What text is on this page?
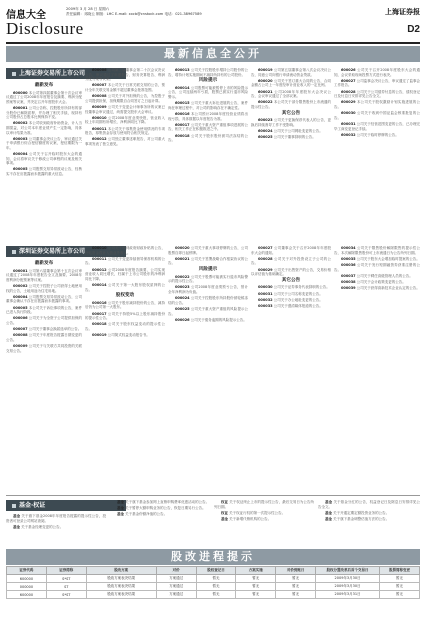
信息大全
Disclosure
2009年 3 月 28 日 星期六
责任编辑：邓晓云 制版：LHC E-mail: xxcb@cnstock.com 电话：021-38967589	上海证券报
D2
最新信息全公开
上海证券交易所上市公司
最新发布

600000 本公司第四届董事会第十次会议审议通过了公司2008年年度报告及摘要、利润分配预案等议案，并决定召开年度股东大会。

600001 公司公告称，控股股东所持有的部分股份已解除质押，并办理了相关手续，现持有公司股份占总股本比例保持不变。

600002 本公司收到政府补助资金，计入当期损益，对公司本年度业绩产生一定影响，具体以审计结果为准。

600003 公司董事会决议公告，审议通过关于申请银行综合授信额度的议案，授信期限为一年。

600004 公司关于召开临时股东大会的通知，会议将审议关于修改公司章程的议案及相关事项。

600005 公司股票交易异常波动公告，经核实不存在应披露而未披露的重大信息。

600006 公司第三届董事会第二十次会议决议公告，审议通过了年度报告、财务决算报告、利润分配方案等议案。

600007 本公司关于日常关联交易的公告，预计全年关联交易金额不超过董事会批准范围。

600008 公司关于对外担保的公告，为控股子公司提供担保，担保期限自合同签订之日起计算。

600009 公司关于变更会计师事务所的议案已经董事会审议通过，尚需提交股东大会审议。

600010 公司2008年度业绩快报，营业收入较上年同期有所增长，净利润同比下降。

600011 本公司关于募集资金使用情况的专项报告，募集资金存放与使用符合相关规定。

600012 公司独立董事述职报告，对公司重大事项发表了独立意见。

600013 公司关于控股股东增持公司股份的公告，增持计划实施期间不减持所持有的公司股份。

风险提示

600014 公司股票可能被暂停上市的风险提示公告，公司连续两年亏损，股票已被实行退市风险警示。

600015 公司关于重大诉讼进展的公告，案件尚在审理过程中，对公司的影响存在不确定性。

600016 本公司预计2008年度经营业绩将出现亏损，具体数据以年度报告为准。

600017 公司关于重大资产重组事项进展的公告，相关工作正在积极推进之中。

600018 公司关于股东股份被司法冻结的公告。

600019 公司第五届董事会第八次会议决议公告，同意公司向银行申请流动资金贷款。

600020 公司关于签订重大合同的公告，合同金额占公司上一年度经审计营业收入的一定比例。

600021 公司2008年年度股东大会决议公告，会议审议通过了全部议案。

600022 本公司关于部分限售股份上市流通的提示性公告。

其它公告

600023 公司关于更换保荐代表人的公告，更换后持续督导工作不受影响。

600024 公司关于公司网址变更的公告。

600025 公司关于董事辞职的公告。

600026 公司关于召开2008年度股东大会的通知，会议采取现场投票方式进行表决。

600027 公司监事会决议公告，审议通过了监事会工作报告。

600028 公司关于公司债券付息的公告，债权登记日及付息日安排详见公告全文。

600029 本公司关于股权激励计划实施进展的公告。

600030 公司关于收到中国证监会核准批复的公告。

600031 公司关于经营范围变更的公告，已办理完毕工商变更登记手续。

600032 公司关于临时停牌的公告。

深圳证券交易所上市公司
最新发布

000001 公司第六届董事会第十五次会议审议通过了2008年年度报告全文及摘要、2008年度利润分配预案等议案。

000002 公司关于控股子公司获得土地使用权的公告，土地用途为住宅用地。

000004 公司股票交易异常波动公告，公司董事会确认不存在应披露而未披露的事项。

000005 本公司关于诉讼事项的公告，案件已进入执行阶段。

000006 公司关于为全资子公司提供担保的公告。

000007 公司关于董事会换届选举的公告。

000008 公司关于年度报告披露日期变更的公告。

000009 公司关于与关联方共同投资的关联交易公告。

000010 公司关于收到政府财政补贴的公告，补贴资金将计入营业外收入。

000011 公司关于变更持续督导保荐机构的公告。

000012 公司2008年度报告摘要，公司实现营业收入同比增长，归属于上市公司股东的净利润同比下降。

000014 公司关于第一大股东股权质押的公告。

股权变动

000016 公司关于股东减持股份的公告，减持后仍为公司第一大股东。

000017 公司关于持股5%以上股东减持股份的提示性公告。

000018 公司关于股东权益变动的提示性公告。

000019 公司简式权益变动报告书。

000020 公司关于重大事项停牌的公告，公司股票自即日起停牌。

000021 公司关于签署战略合作框架协议的公告。

风险提示

000022 公司关于股票可能被实行退市风险警示的提示性公告。

000023 公司2008年度业绩预亏公告，预计全年净利润为负值。

000024 公司关于控股股东所持股份被轮候冻结的公告。

000025 公司关于重大资产重组的风险提示公告。

000026 公司关于债务逾期的风险提示公告。

000027 公司董事会关于召开2008年年度股东大会的通知。

000028 公司关于对外投资设立子公司的公告。

000029 公司关于出售资产的公告，交易价格以评估值为基础确定。

其它公告

000030 公司关于证券事务代表辞职的公告。

000031 公司关于公司名称变更的公告。

000032 公司关于办公地址变更的公告。

000033 公司关于澄清媒体报道的公告。

000034 公司关于限售股份解除限售的提示性公告，本次解除限售股份可上市流通日为公告所列日期。

000035 公司关于股东大会增加临时提案的公告。

000036 公司关于发行短期融资券获准注册的公告。

000037 公司关于聘任高级管理人员的公告。

000038 公司关于会计政策变更的公告。

000039 公司关于获得高新技术企业认定的公告。

基金·权证

基金 关于旗下基金2008年年度报告披露的提示性公告，投资者可登录公司网站查阅。

基金 关于基金经理变更的公告。

基金 关于旗下基金参加网上直销申购费率优惠活动的公告。

基金 关于暂停大额申购业务的公告，恢复日期另行公告。

基金 关于基金份额净值的公告。

权证 关于权证终止上市的提示性公告，最后交易日为公告所列日期。

权证 关于权证行权的第一次提示性公告。

基金 关于新增代销机构的公告。

基金 关于基金分红的公告，权益登记日及除息日安排详见公告全文。

基金 关于开通定期定额投资业务的公告。

基金 关于旗下基金调整估值方法的公告。

股改进程提示
证券代码	证券简称	股改方案	对价	股权登记日	方案实施	对价到账日	股权分置改革后首个交易日	股票简称变更
600000	S*ST	股改方案表决结果	方案通过	暂无	暂无	暂无	2009年3月30日	暂无
000000	ST	股改方案表决结果	方案通过	暂无	暂无	暂无	2009年3月30日	暂无
600000	S*ST	股改方案表决结果	方案通过	暂无	暂无	暂无	2009年3月31日	暂无
